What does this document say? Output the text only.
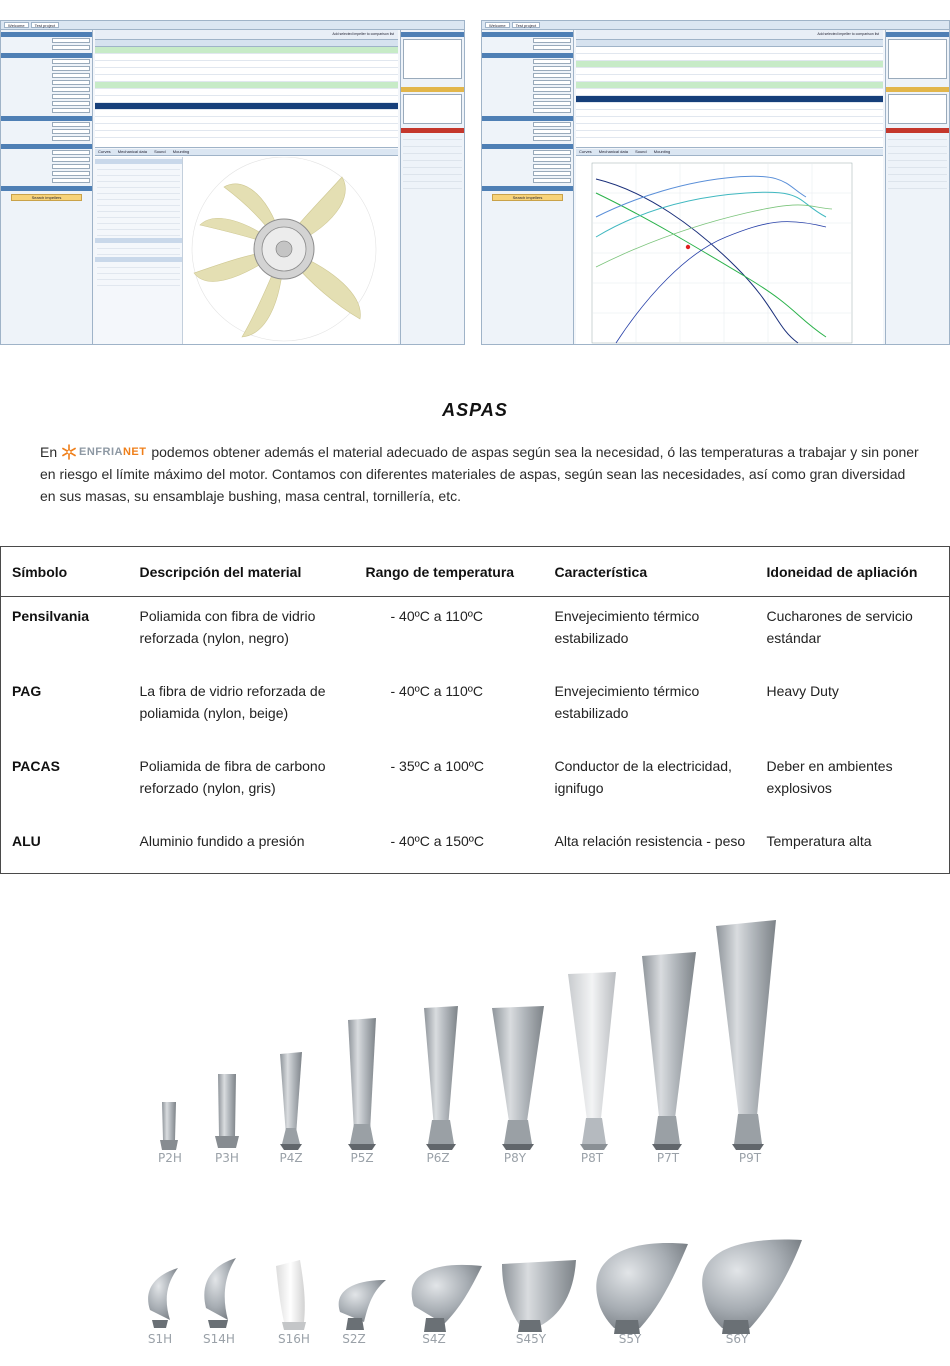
Welcome	Test project
Search impellers
Add selected impeller to comparison list
Curves Mechanical data Sound Mounting
Welcome	Test project
Search impellers
Add selected impeller to comparison list
Curves Mechanical data Sound Mounting
ASPAS

En ENFRIANET podemos obtener además el material adecuado de aspas según sea la necesidad, ó las temperaturas a trabajar y sin poner en riesgo el límite máximo del motor. Contamos con diferentes materiales de aspas, según sean las necesidades, así como gran diversidad en sus masas, su ensamblaje bushing, masa central, tornillería, etc.

Símbolo	Descripción del material	Rango de temperatura	Característica	Idoneidad de apliación
Pensilvania	Poliamida con fibra de vidrio reforzada (nylon, negro)	- 40ºC a 110ºC	Envejecimiento térmico estabilizado	Cucharones de servicio estándar
PAG	La fibra de vidrio reforzada de poliamida (nylon, beige)	- 40ºC a 110ºC	Envejecimiento térmico estabilizado	Heavy Duty
PACAS	Poliamida de fibra de carbono reforzado (nylon, gris)	- 35ºC a 100ºC	Conductor de la electricidad, ignifugo	Deber en ambientes explosivos
ALU	Aluminio fundido a presión	- 40ºC a 150ºC	Alta relación resistencia - peso	Temperatura alta
P2H	P3H	P4Z	P5Z	P6Z	P8Y	P8T	P7T	P9T
S1H	S14H	S16H	S2Z	S4Z	S45Y	S5Y	S6Y
